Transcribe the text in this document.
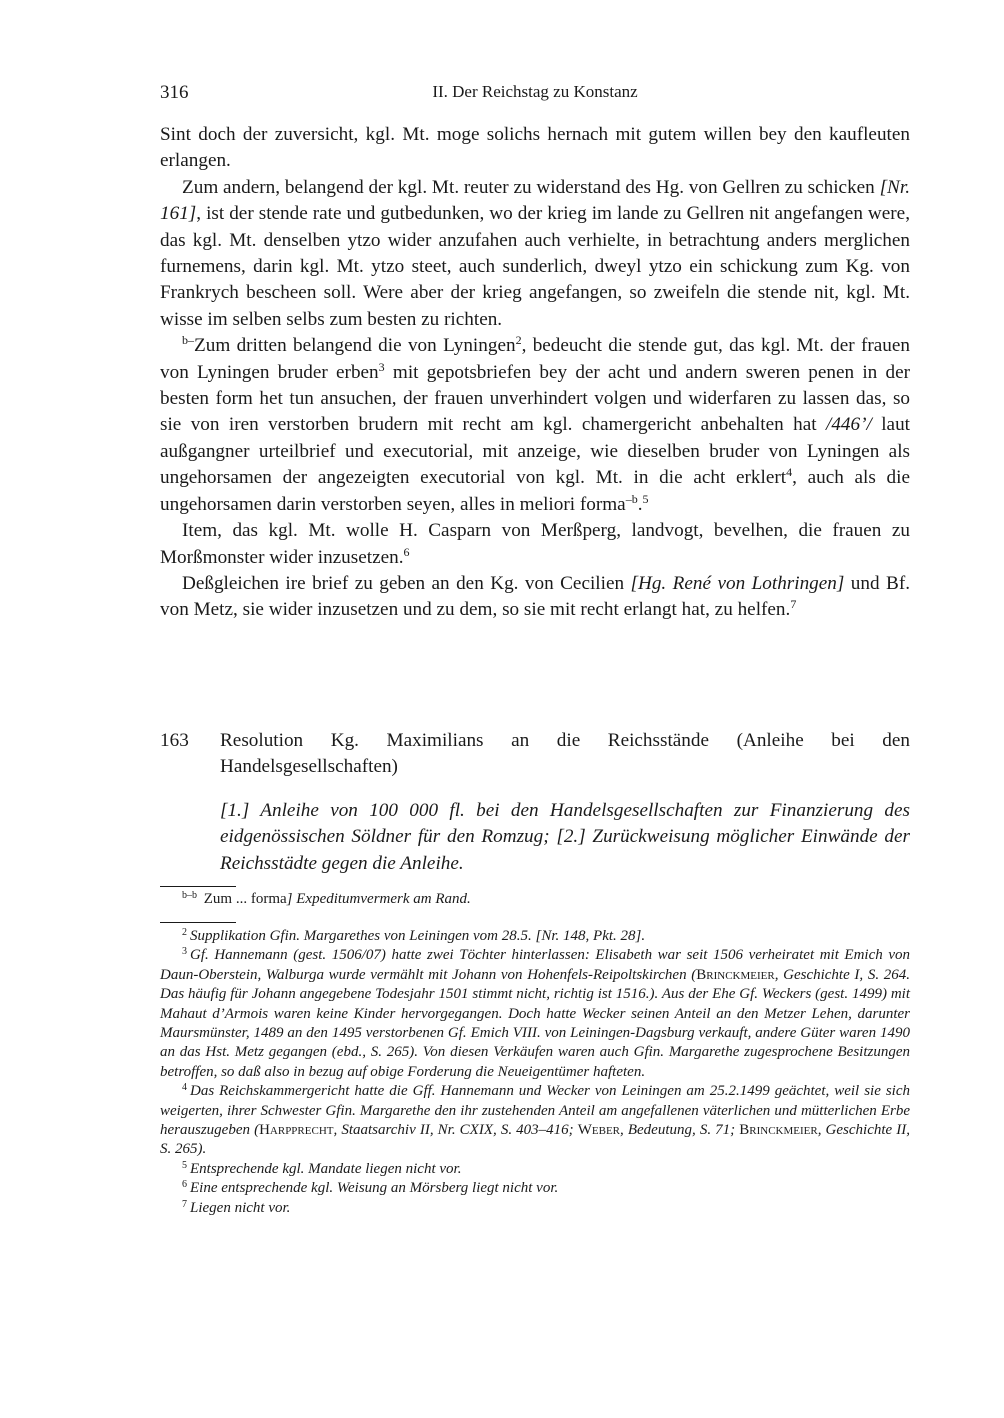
316	II. Der Reichstag zu Konstanz

Sint doch der zuversicht, kgl. Mt. moge solichs hernach mit gutem willen bey den kaufleuten erlangen.

Zum andern, belangend der kgl. Mt. reuter zu widerstand des Hg. von Gellren zu schicken [Nr. 161], ist der stende rate und gutbedunken, wo der krieg im lande zu Gellren nit angefangen were, das kgl. Mt. denselben ytzo wider anzufahen auch verhielte, in betrachtung anders merglichen furnemens, darin kgl. Mt. ytzo steet, auch sunderlich, dweyl ytzo ein schickung zum Kg. von Frankrych bescheen soll. Were aber der krieg angefangen, so zweifeln die stende nit, kgl. Mt. wisse im selben selbs zum besten zu richten.

$^{b-}$Zum dritten belangend die von Lyningen$^2$, bedeucht die stende gut, das kgl. Mt. der frauen von Lyningen bruder erben$^3$ mit gepotsbriefen bey der acht und andern sweren penen in der besten form het tun ansuchen, der frauen unverhindert volgen und widerfaren zu lassen das, so sie von iren verstorben brudern mit recht am kgl. chamergericht anbehalten hat /446’/ laut außgangner urteilbrief und executorial, mit anzeige, wie dieselben bruder von Lyningen als ungehorsamen der angezeigten executorial von kgl. Mt. in die acht erklert$^4$, auch als die ungehorsamen darin verstorben seyen, alles in meliori forma$^{-b}$.$^5$

Item, das kgl. Mt. wolle H. Casparn von Merßperg, landvogt, bevelhen, die frauen zu Morßmonster wider inzusetzen.$^6$

Deßgleichen ire brief zu geben an den Kg. von Cecilien [Hg. René von Lothringen] und Bf. von Metz, sie wider inzusetzen und zu dem, so sie mit recht erlangt hat, zu helfen.$^7$

163 Resolution Kg. Maximilians an die Reichsstände (Anleihe bei den Handelsgesellschaften)
[1.] Anleihe von 100 000 fl. bei den Handelsgesellschaften zur Finanzierung des eidgenössischen Söldner für den Romzug; [2.] Zurückweisung möglicher Einwände der Reichsstädte gegen die Anleihe.

$^{b-b}$ Zum ... forma] Expeditumvermerk am Rand.

$^2$ Supplikation Gfin. Margarethes von Leiningen vom 28.5. [Nr. 148, Pkt. 28].

$^3$ Gf. Hannemann (gest. 1506/07) hatte zwei Töchter hinterlassen: Elisabeth war seit 1506 verheiratet mit Emich von Daun-Oberstein, Walburga wurde vermählt mit Johann von Hohenfels-Reipoltskirchen (Brinckmeier, Geschichte I, S. 264. Das häufig für Johann angegebene Todesjahr 1501 stimmt nicht, richtig ist 1516.). Aus der Ehe Gf. Weckers (gest. 1499) mit Mahaut d’Armois waren keine Kinder hervorgegangen. Doch hatte Wecker seinen Anteil an den Metzer Lehen, darunter Maursmünster, 1489 an den 1495 verstorbenen Gf. Emich VIII. von Leiningen-Dagsburg verkauft, andere Güter waren 1490 an das Hst. Metz gegangen (ebd., S. 265). Von diesen Verkäufen waren auch Gfin. Margarethe zugesprochene Besitzungen betroffen, so daß also in bezug auf obige Forderung die Neueigentümer hafteten.

$^4$ Das Reichskammergericht hatte die Gff. Hannemann und Wecker von Leiningen am 25.2.1499 geächtet, weil sie sich weigerten, ihrer Schwester Gfin. Margarethe den ihr zustehenden Anteil am angefallenen väterlichen und mütterlichen Erbe herauszugeben (Harpprecht, Staatsarchiv II, Nr. CXIX, S. 403–416; Weber, Bedeutung, S. 71; Brinckmeier, Geschichte II, S. 265).

$^5$ Entsprechende kgl. Mandate liegen nicht vor.

$^6$ Eine entsprechende kgl. Weisung an Mörsberg liegt nicht vor.

$^7$ Liegen nicht vor.
